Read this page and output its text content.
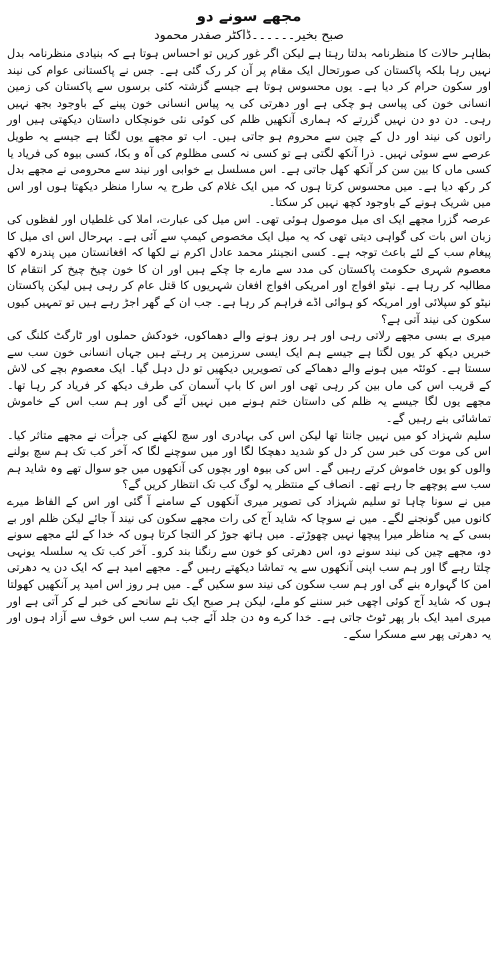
مجھے سونے دو
صبح بخیر۔۔۔۔۔۔ڈاکٹر صفدر محمود

بظاہر حالات کا منظرنامہ بدلتا رہتا ہے لیکن اگر غور کریں تو احساس ہوتا ہے کہ بنیادی منظرنامہ بدل نہیں رہا بلکہ پاکستان کی صورتحال ایک مقام پر آن کر رک گئی ہے۔ جس نے پاکستانی عوام کی نیند اور سکون حرام کر دیا ہے۔ یوں محسوس ہوتا ہے جیسے گزشتہ کئی برسوں سے پاکستان کی زمین انسانی خون کی پیاسی ہو چکی ہے اور دھرتی کی یہ پیاس انسانی خون پینے کے باوجود بجھ نہیں رہی۔ دن دو دن نہیں گزرتے کہ ہماری آنکھیں ظلم کی کوئی نئی خونچکاں داستان دیکھتی ہیں اور راتوں کی نیند اور دل کے چین سے محروم ہو جاتی ہیں۔ اب تو مجھے یوں لگتا ہے جیسے یہ طویل عرصے سے سوئی نہیں۔ ذرا آنکھ لگتی ہے تو کسی نہ کسی مظلوم کی آہ و بکا، کسی بیوہ کی فریاد یا کسی ماں کا بین سن کر آنکھ کھل جاتی ہے۔ اس مسلسل بے خوابی اور نیند سے محرومی نے مجھے بدل کر رکھ دیا ہے۔ میں محسوس کرتا ہوں کہ میں ایک غلام کی طرح یہ سارا منظر دیکھتا ہوں اور اس میں شریک ہونے کے باوجود کچھ نہیں کر سکتا۔

عرصہ گزرا مجھے ایک ای میل موصول ہوئی تھی۔ اس میل کی عبارت، املا کی غلطیاں اور لفظوں کی زبان اس بات کی گواہی دیتی تھی کہ یہ میل ایک مخصوص کیمپ سے آئی ہے۔ بہرحال اس ای میل کا پیغام سب کے لئے باعث توجہ ہے۔ کسی انجینئر محمد عادل اکرم نے لکھا کہ افغانستان میں پندرہ لاکھ معصوم شہری حکومت پاکستان کی مدد سے مارے جا چکے ہیں اور ان کا خون چیخ چیخ کر انتقام کا مطالبہ کر رہا ہے۔ نیٹو افواج اور امریکی افواج افغان شہریوں کا قتل عام کر رہی ہیں لیکن پاکستان نیٹو کو سپلائی اور امریکہ کو ہوائی اڈے فراہم کر رہا ہے۔ جب ان کے گھر اجڑ رہے ہیں تو تمہیں کیوں سکون کی نیند آتی ہے؟

میری بے بسی مجھے رلاتی رہی اور ہر روز ہونے والے دھماکوں، خودکش حملوں اور ٹارگٹ کلنگ کی خبریں دیکھ کر یوں لگتا ہے جیسے ہم ایک ایسی سرزمین پر رہتے ہیں جہاں انسانی خون سب سے سستا ہے۔ کوئٹہ میں ہونے والے دھماکے کی تصویریں دیکھیں تو دل دہل گیا۔ ایک معصوم بچے کی لاش کے قریب اس کی ماں بین کر رہی تھی اور اس کا باپ آسمان کی طرف دیکھ کر فریاد کر رہا تھا۔ مجھے یوں لگا جیسے یہ ظلم کی داستان ختم ہونے میں نہیں آئے گی اور ہم سب اس کے خاموش تماشائی بنے رہیں گے۔

سلیم شہزاد کو میں نہیں جانتا تھا لیکن اس کی بہادری اور سچ لکھنے کی جرأت نے مجھے متاثر کیا۔ اس کی موت کی خبر سن کر دل کو شدید دھچکا لگا اور میں سوچنے لگا کہ آخر کب تک ہم سچ بولنے والوں کو یوں خاموش کرتے رہیں گے۔ اس کی بیوہ اور بچوں کی آنکھوں میں جو سوال تھے وہ شاید ہم سب سے پوچھے جا رہے تھے۔ انصاف کے منتظر یہ لوگ کب تک انتظار کریں گے؟

میں نے سونا چاہا تو سلیم شہزاد کی تصویر میری آنکھوں کے سامنے آ گئی اور اس کے الفاظ میرے کانوں میں گونجنے لگے۔ میں نے سوچا کہ شاید آج کی رات مجھے سکون کی نیند آ جائے لیکن ظلم اور بے بسی کے یہ مناظر میرا پیچھا نہیں چھوڑتے۔ میں ہاتھ جوڑ کر التجا کرتا ہوں کہ خدا کے لئے مجھے سونے دو، مجھے چین کی نیند سونے دو، اس دھرتی کو خون سے رنگنا بند کرو۔ آخر کب تک یہ سلسلہ یونہی چلتا رہے گا اور ہم سب اپنی آنکھوں سے یہ تماشا دیکھتے رہیں گے۔ مجھے امید ہے کہ ایک دن یہ دھرتی امن کا گہوارہ بنے گی اور ہم سب سکون کی نیند سو سکیں گے۔ میں ہر روز اس امید پر آنکھیں کھولتا ہوں کہ شاید آج کوئی اچھی خبر سننے کو ملے، لیکن ہر صبح ایک نئے سانحے کی خبر لے کر آتی ہے اور میری امید ایک بار پھر ٹوٹ جاتی ہے۔ خدا کرے وہ دن جلد آئے جب ہم سب اس خوف سے آزاد ہوں اور یہ دھرتی پھر سے مسکرا سکے۔
